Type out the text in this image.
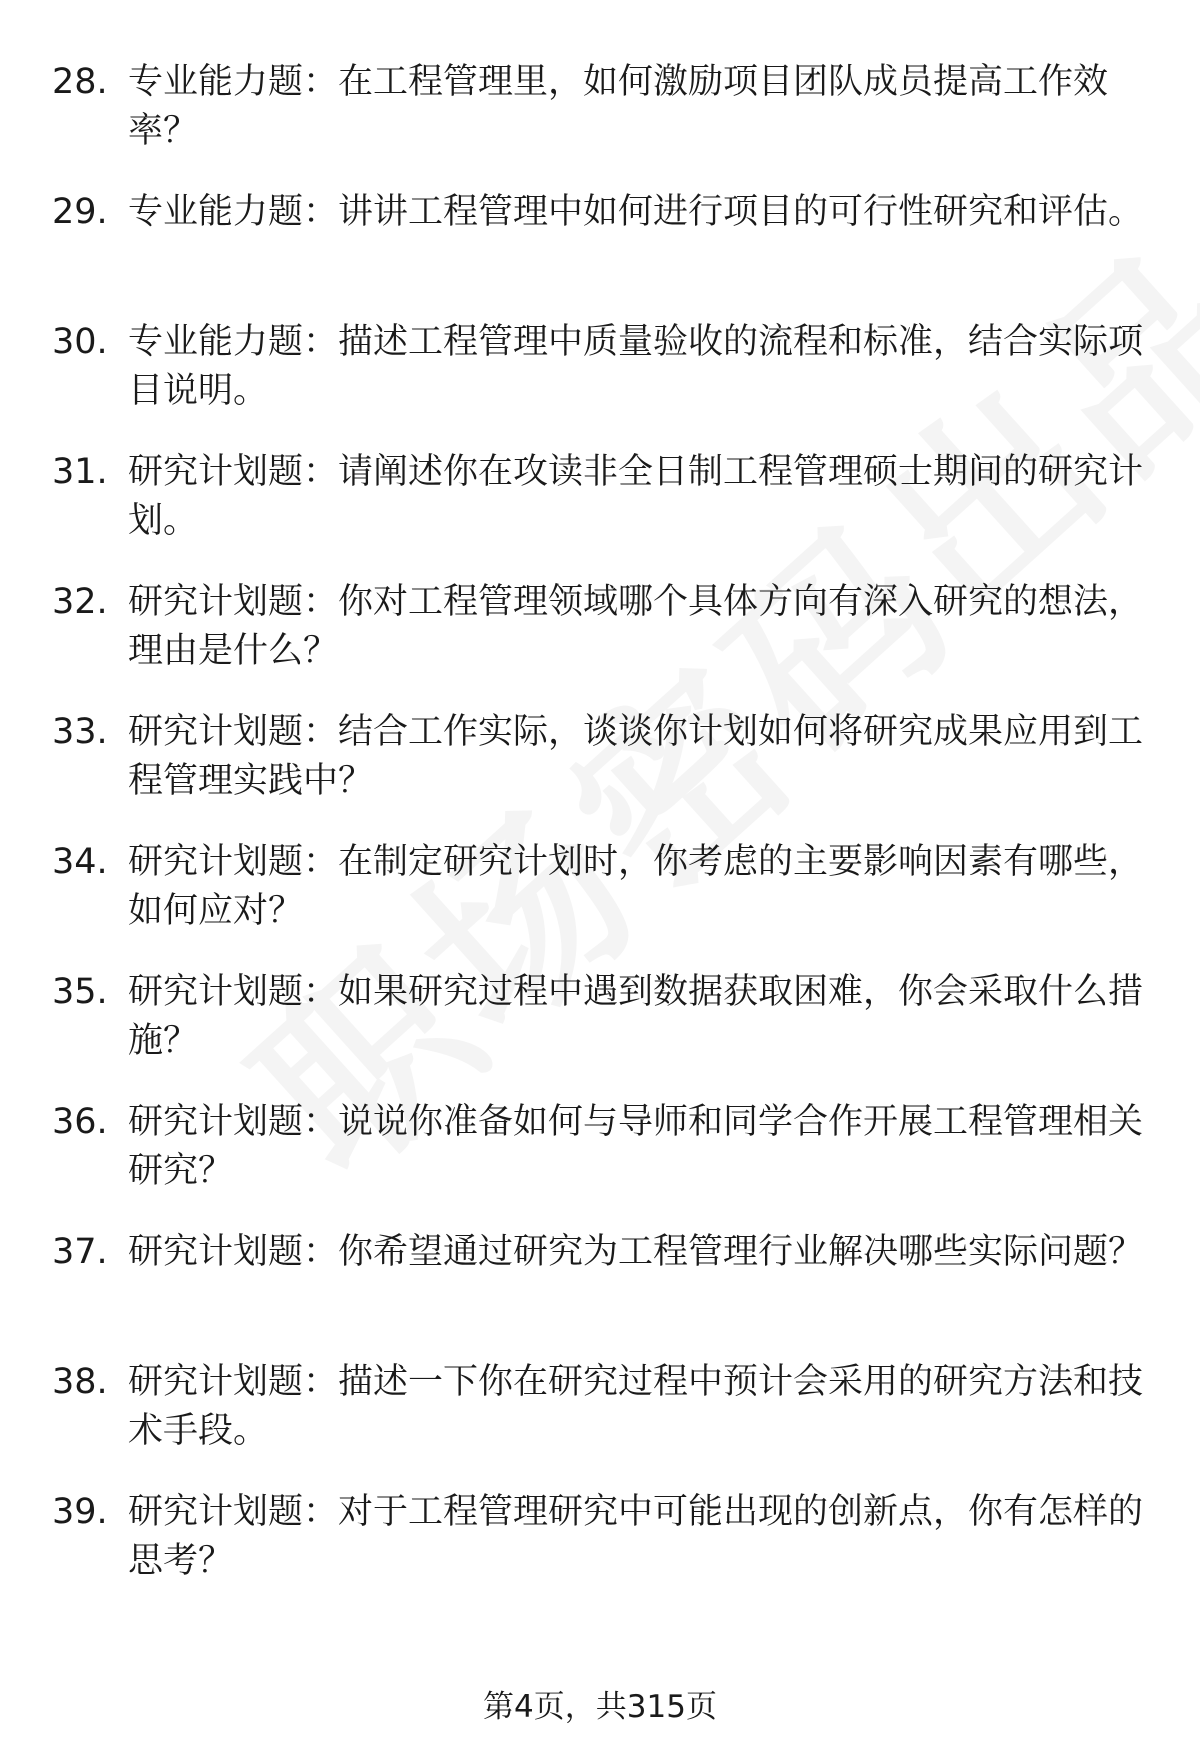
28. 专业能力题：在工程管理里，如何激励项目团队成员提高工作效率？
29. 专业能力题：讲讲工程管理中如何进行项目的可行性研究和评估。
30. 专业能力题：描述工程管理中质量验收的流程和标准，结合实际项目说明。
31. 研究计划题：请阐述你在攻读非全日制工程管理硕士期间的研究计划。
32. 研究计划题：你对工程管理领域哪个具体方向有深入研究的想法，理由是什么？
33. 研究计划题：结合工作实际，谈谈你计划如何将研究成果应用到工程管理实践中？
34. 研究计划题：在制定研究计划时，你考虑的主要影响因素有哪些，如何应对？
35. 研究计划题：如果研究过程中遇到数据获取困难，你会采取什么措施？
36. 研究计划题：说说你准备如何与导师和同学合作开展工程管理相关研究？
37. 研究计划题：你希望通过研究为工程管理行业解决哪些实际问题？
38. 研究计划题：描述一下你在研究过程中预计会采用的研究方法和技术手段。
39. 研究计划题：对于工程管理研究中可能出现的创新点，你有怎样的思考？
第4页，共315页
